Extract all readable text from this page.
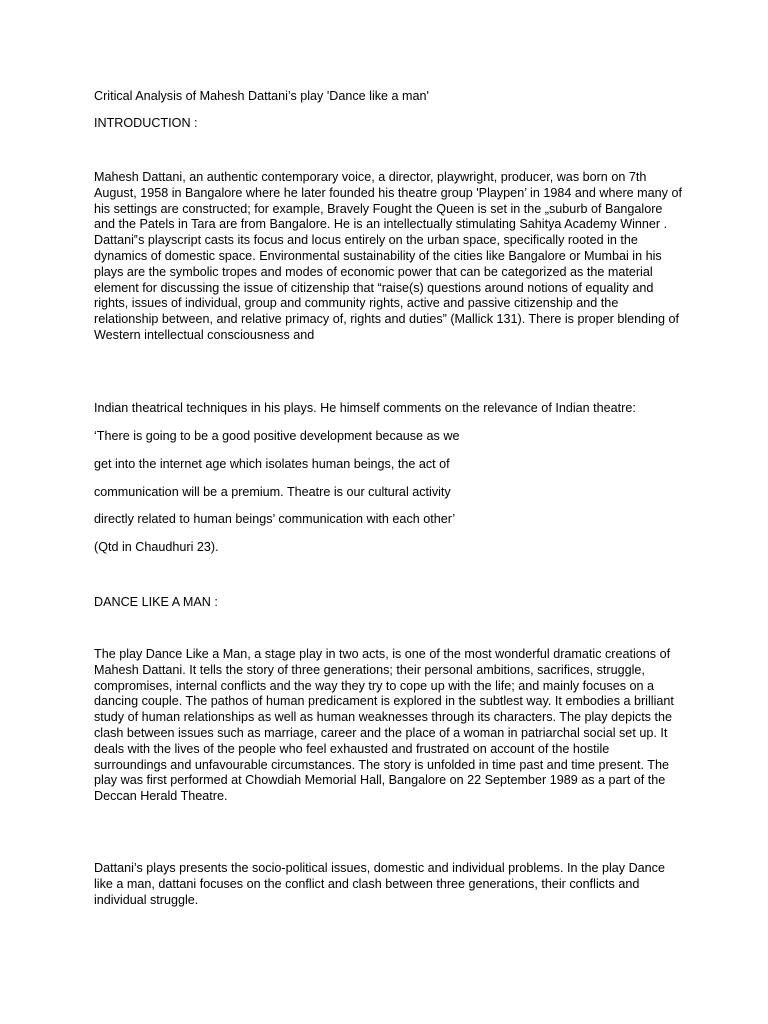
Critical Analysis of Mahesh Dattani’s play 'Dance like a man'

INTRODUCTION :

Mahesh Dattani, an authentic contemporary voice, a director, playwright, producer, was born on 7th August, 1958 in Bangalore where he later founded his theatre group 'Playpen’ in 1984 and where many of his settings are constructed; for example, Bravely Fought the Queen is set in the „suburb of Bangalore and the Patels in Tara are from Bangalore. He is an intellectually stimulating Sahitya Academy Winner . Dattani‟s playscript casts its focus and locus entirely on the urban space, specifically rooted in the dynamics of domestic space. Environmental sustainability of the cities like Bangalore or Mumbai in his plays are the symbolic tropes and modes of economic power that can be categorized as the material element for discussing the issue of citizenship that “raise(s) questions around notions of equality and rights, issues of individual, group and community rights, active and passive citizenship and the relationship between, and relative primacy of, rights and duties” (Mallick 131). There is proper blending of Western intellectual consciousness and

Indian theatrical techniques in his plays. He himself comments on the relevance of Indian theatre:

‘There is going to be a good positive development because as we

get into the internet age which isolates human beings, the act of

communication will be a premium. Theatre is our cultural activity

directly related to human beings’ communication with each other’

(Qtd in Chaudhuri 23).

DANCE LIKE A MAN :

The play Dance Like a Man, a stage play in two acts, is one of the most wonderful dramatic creations of Mahesh Dattani. It tells the story of three generations; their personal ambitions, sacrifices, struggle, compromises, internal conflicts and the way they try to cope up with the life; and mainly focuses on a dancing couple. The pathos of human predicament is explored in the subtlest way. It embodies a brilliant study of human relationships as well as human weaknesses through its characters. The play depicts the clash between issues such as marriage, career and the place of a woman in patriarchal social set up. It deals with the lives of the people who feel exhausted and frustrated on account of the hostile surroundings and unfavourable circumstances. The story is unfolded in time past and time present. The play was first performed at Chowdiah Memorial Hall, Bangalore on 22 September 1989 as a part of the Deccan Herald Theatre.

Dattani’s plays presents the socio-political issues, domestic and individual problems. In the play Dance like a man, dattani focuses on the conflict and clash between three generations, their conflicts and individual struggle.
